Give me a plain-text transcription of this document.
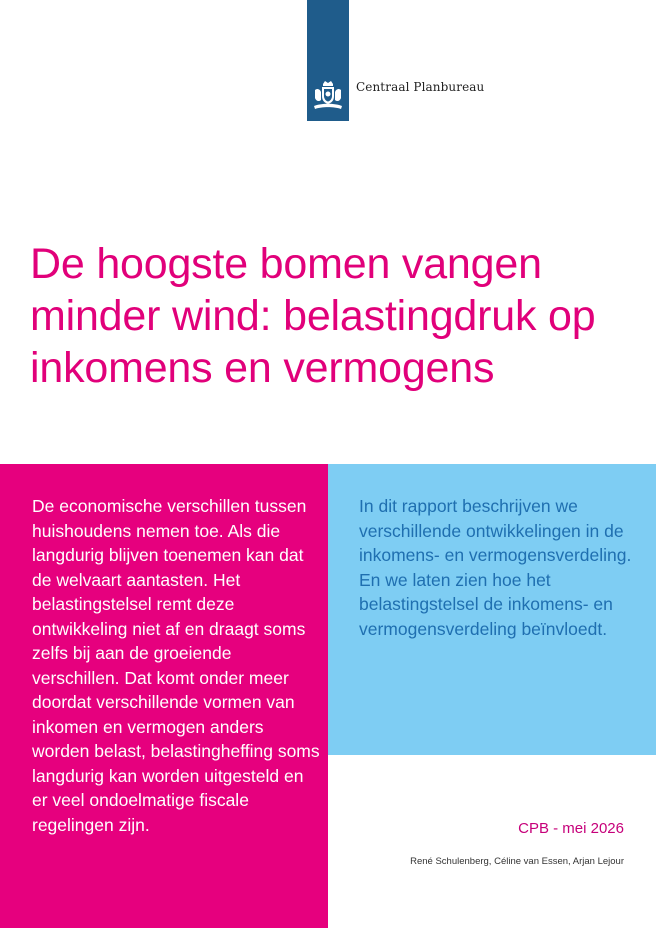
Centraal Planbureau
De hoogste bomen vangen minder wind: belastingdruk op inkomens en vermogens

De economische verschillen tussen huishoudens nemen toe. Als die langdurig blijven toenemen kan dat de welvaart aantasten. Het belastingstelsel remt deze ontwikkeling niet af en draagt soms zelfs bij aan de groeiende verschillen. Dat komt onder meer doordat verschillende vormen van inkomen en vermogen anders worden belast, belastingheffing soms langdurig kan worden uitgesteld en er veel ondoelmatige fiscale regelingen zijn.

In dit rapport beschrijven we verschillende ontwikkelingen in de inkomens- en vermogensverdeling. En we laten zien hoe het belastingstelsel de inkomens- en vermogensverdeling beïnvloedt.

CPB - mei 2026
René Schulenberg, Céline van Essen, Arjan Lejour
